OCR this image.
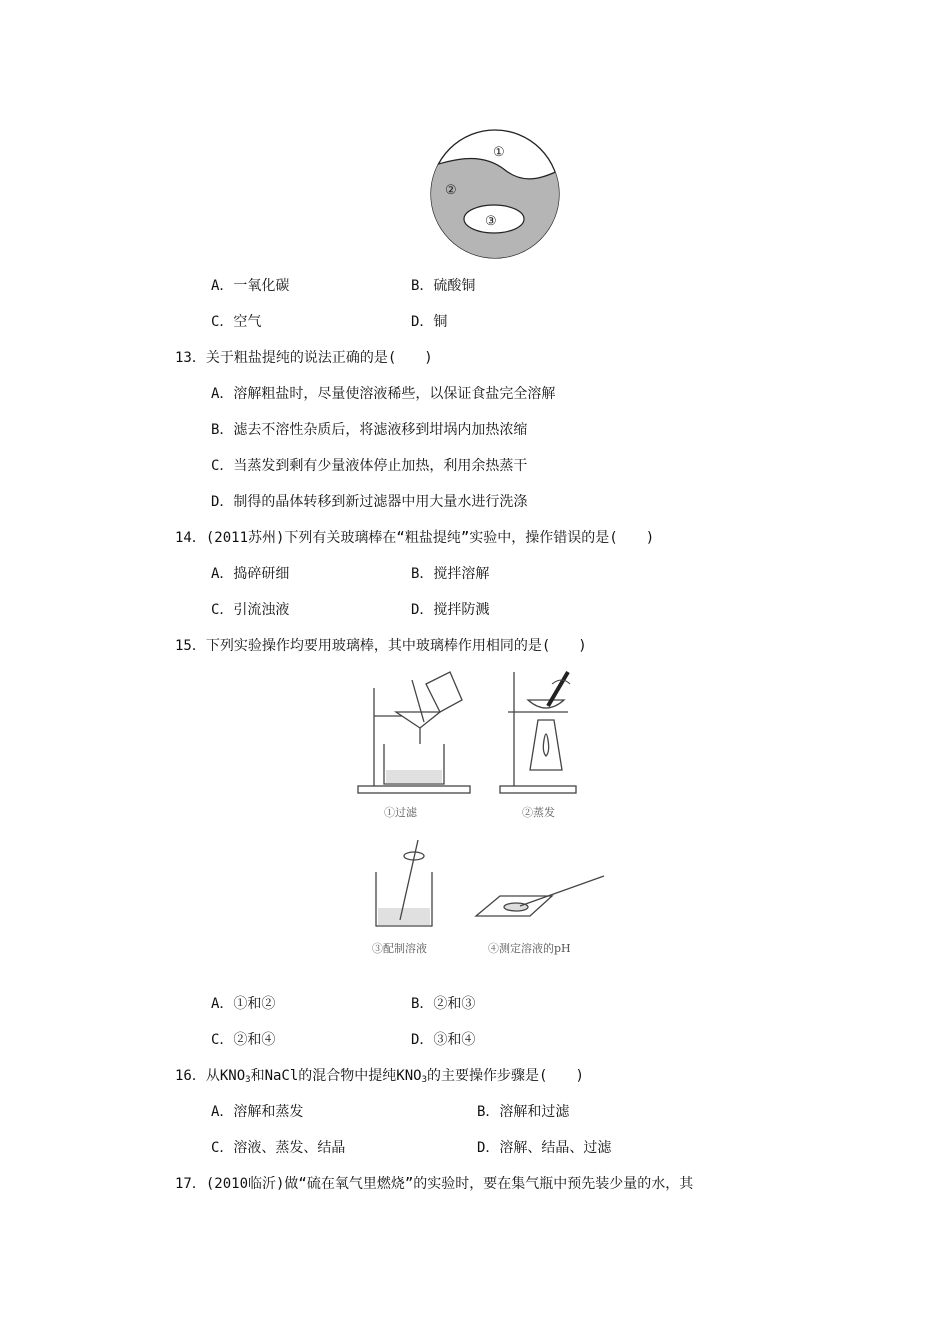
①
②
③
A．一氧化碳	B．硫酸铜
C．空气	D．铜
13．关于粗盐提纯的说法正确的是(　　)
A．溶解粗盐时，尽量使溶液稀些，以保证食盐完全溶解
B．滤去不溶性杂质后，将滤液移到坩埚内加热浓缩
C．当蒸发到剩有少量液体停止加热，利用余热蒸干
D．制得的晶体转移到新过滤器中用大量水进行洗涤
14．(2011苏州)下列有关玻璃棒在“粗盐提纯”实验中，操作错误的是(　　)
A．捣碎研细	B．搅拌溶解
C．引流浊液	D．搅拌防溅
15．下列实验操作均要用玻璃棒，其中玻璃棒作用相同的是(　　)
①过滤	②蒸发
③配制溶液	④测定溶液的pH
A．①和②	B．②和③
C．②和④	D．③和④
16．从$KNO_3$和NaCl的混合物中提纯$KNO_3$的主要操作步骤是(　　)
A．溶解和蒸发	B．溶解和过滤
C．溶液、蒸发、结晶	D．溶解、结晶、过滤
17．(2010临沂)做“硫在氧气里燃烧”的实验时，要在集气瓶中预先装少量的水，其
